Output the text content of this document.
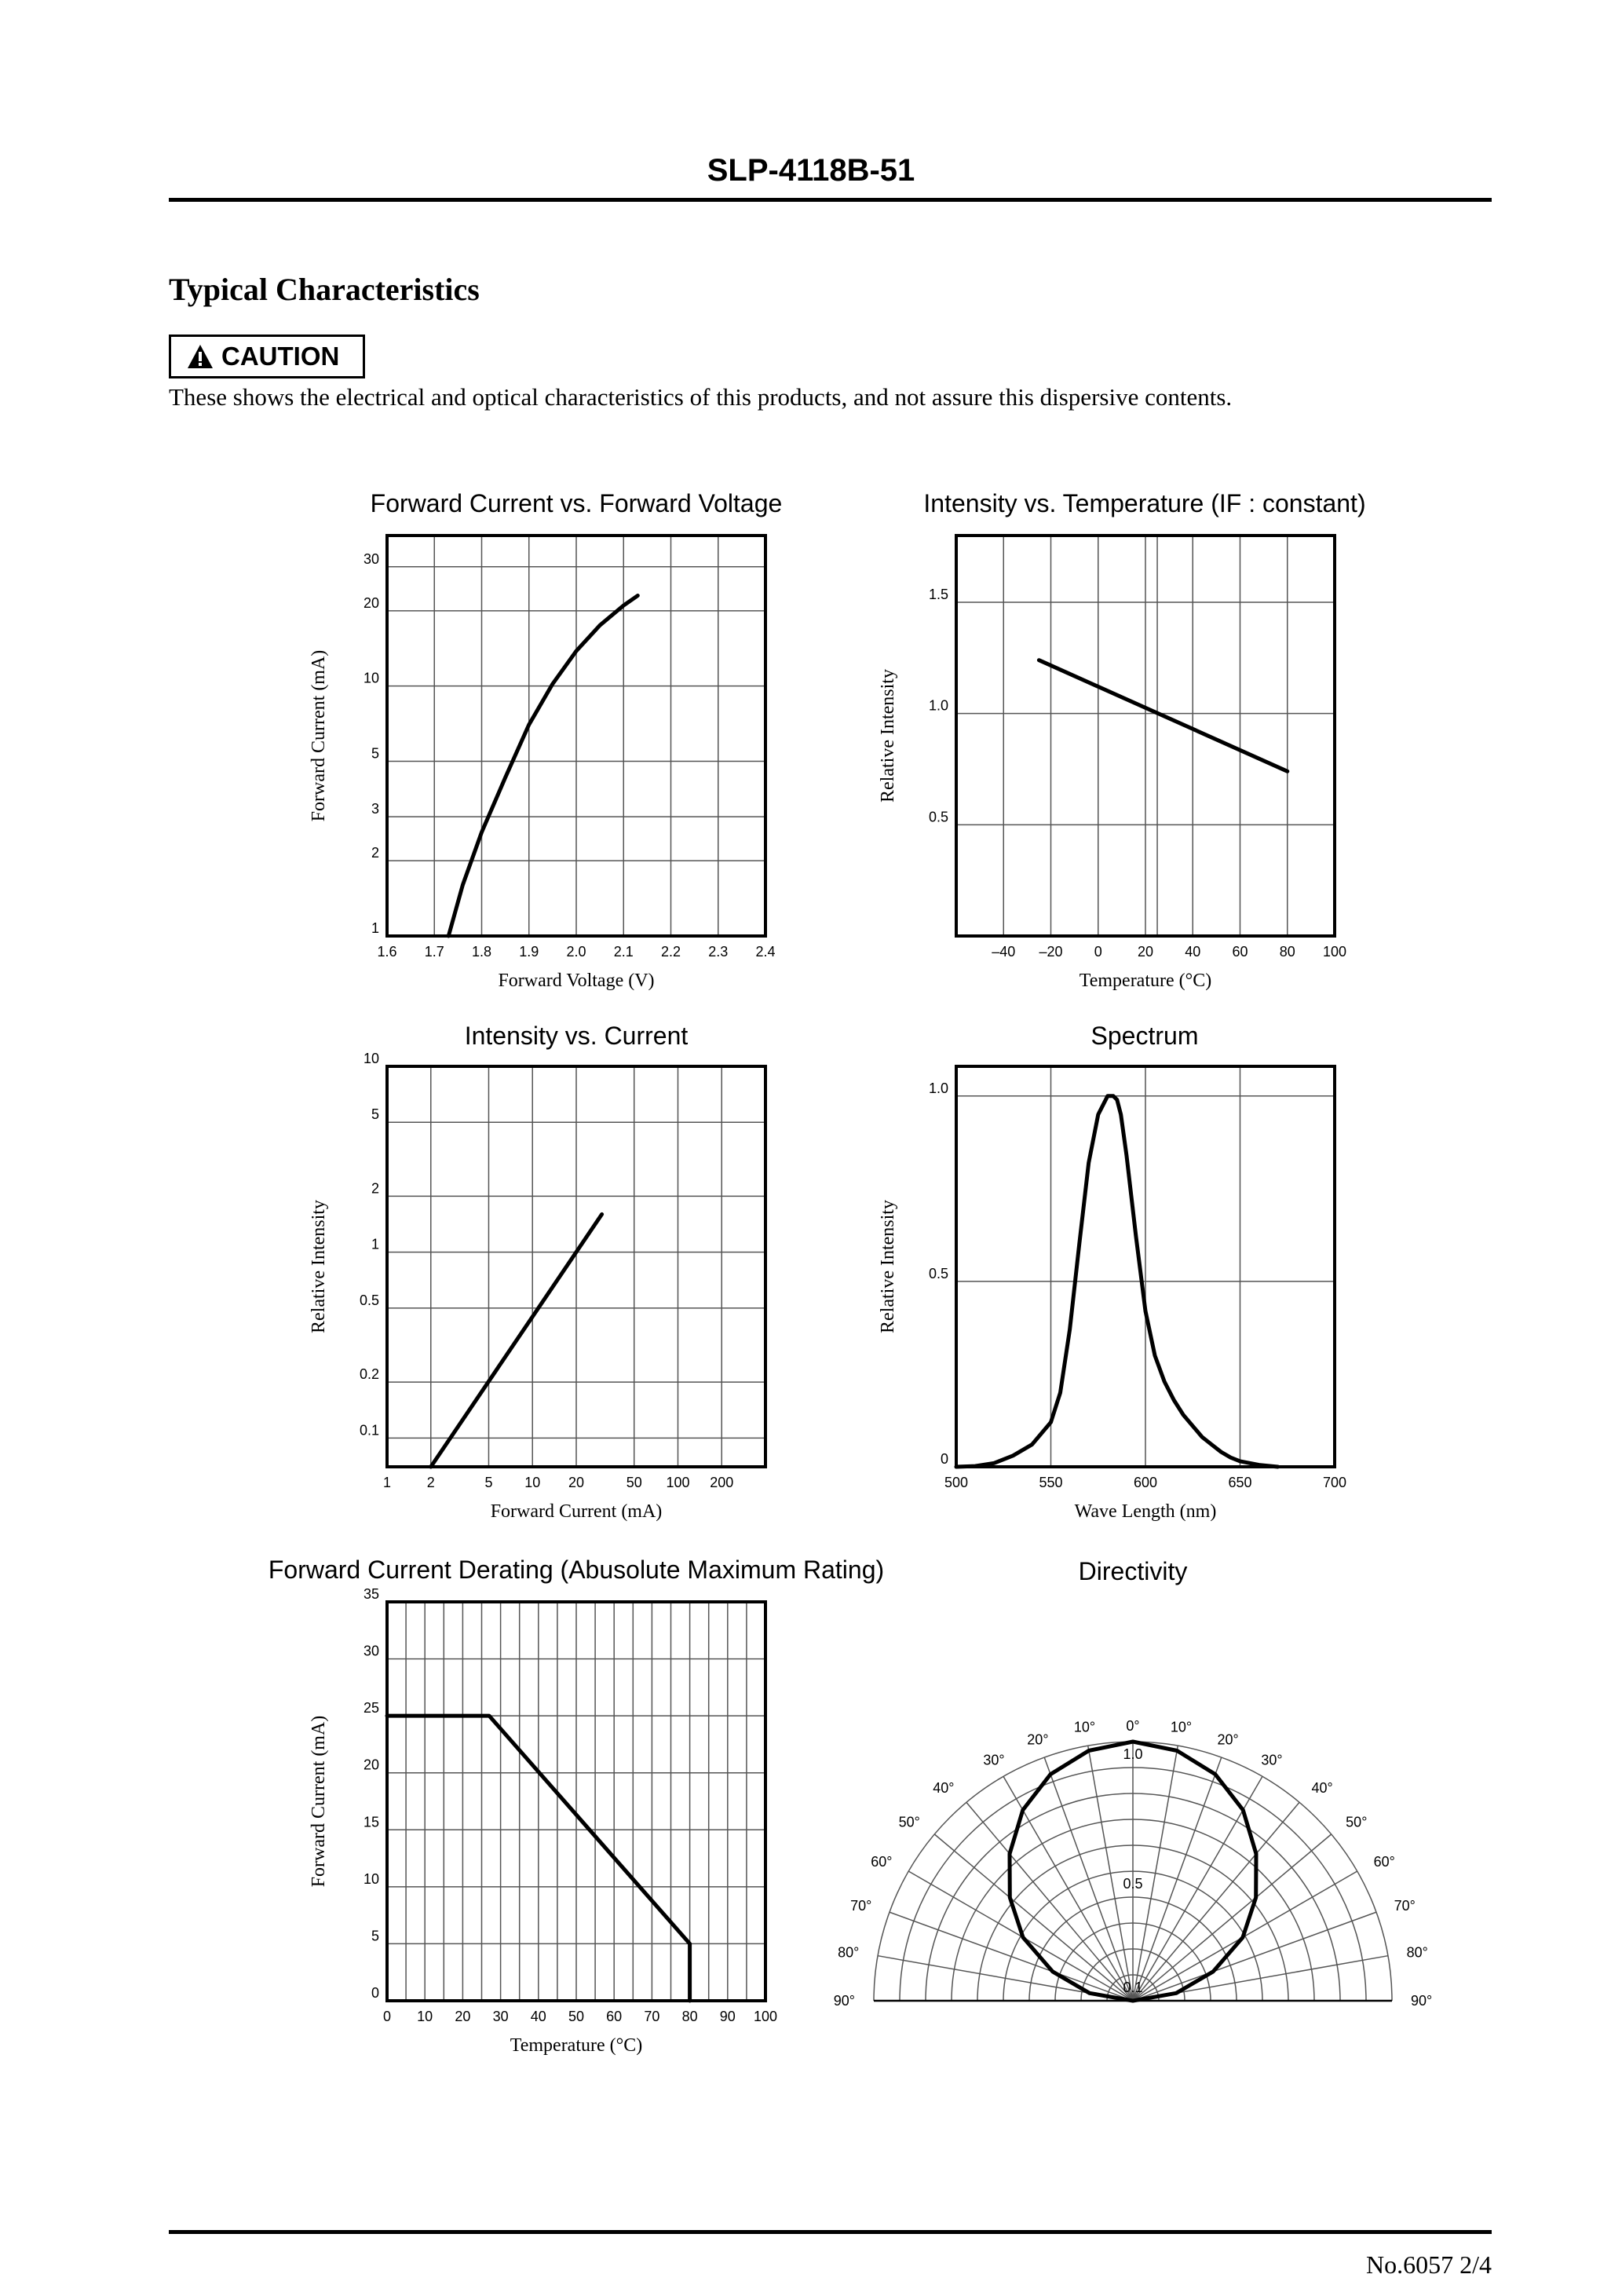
SLP-4118B-51
Typical Characteristics
CAUTION
These shows the electrical and optical characteristics of this products, and not assure this dispersive contents.
1.6 1.7 1.8 1.9 2.0 2.1 2.2 2.3 2.4
1
2
3
5
10
20
30
Forward Current vs. Forward Voltage
Forward Voltage (V)
Forward Current (mA)
–40 –20 0	20 40 60 80 100
0.5
1.0
1.5
Intensity vs. Temperature (IF : constant)
Temperature (°C)
Relative Intensity
1	2	5 10 20	50 100 200
0.1
0.2
0.5
1
2
5
10
Intensity vs. Current
Forward Current (mA)
Relative Intensity
500	550	600	650	700
0
0.5
1.0
Spectrum
Wave Length (nm)
Relative Intensity
0 10 20 30 40 50 60 70 80 90 100
0
5
10
15
20
25
30
35
Forward Current Derating (Abusolute Maximum Rating)
Temperature (°C)
Forward Current (mA)
Directivity
0°
10°	10°
20°	20°
30°	30°
40°	40°
50°	50°
60°	60°
70°	70°
80°	80°
90°	90°
0.1
0.5
1.0
No.6057 2/4
